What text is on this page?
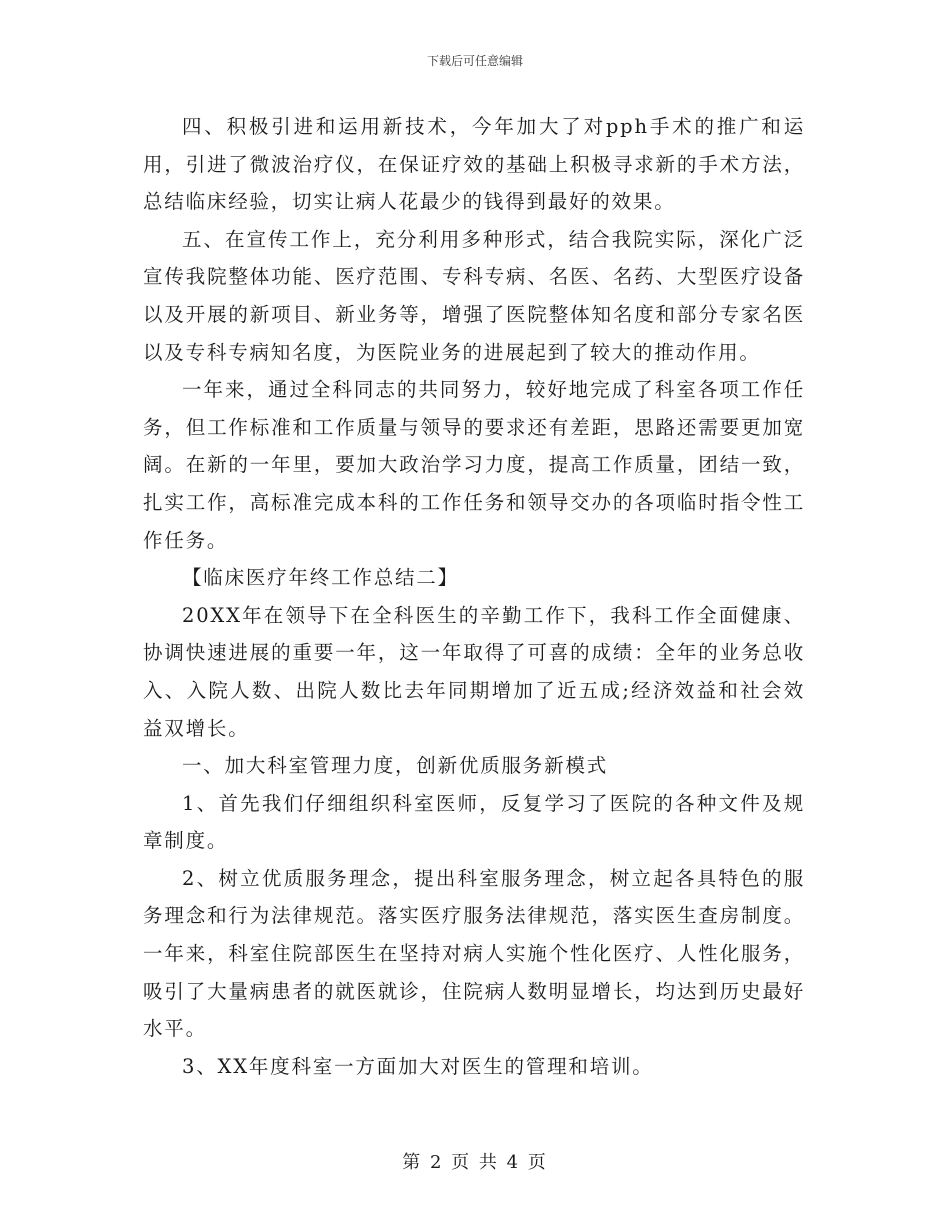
下载后可任意编辑

四、积极引进和运用新技术，今年加大了对pph手术的推广和运用，引进了微波治疗仪，在保证疗效的基础上积极寻求新的手术方法，总结临床经验，切实让病人花最少的钱得到最好的效果。

五、在宣传工作上，充分利用多种形式，结合我院实际，深化广泛宣传我院整体功能、医疗范围、专科专病、名医、名药、大型医疗设备以及开展的新项目、新业务等，增强了医院整体知名度和部分专家名医以及专科专病知名度，为医院业务的进展起到了较大的推动作用。

一年来，通过全科同志的共同努力，较好地完成了科室各项工作任务，但工作标准和工作质量与领导的要求还有差距，思路还需要更加宽阔。在新的一年里，要加大政治学习力度，提高工作质量，团结一致，扎实工作，高标准完成本科的工作任务和领导交办的各项临时指令性工作任务。

【临床医疗年终工作总结二】

20XX年在领导下在全科医生的辛勤工作下，我科工作全面健康、协调快速进展的重要一年，这一年取得了可喜的成绩：全年的业务总收入、入院人数、出院人数比去年同期增加了近五成;经济效益和社会效益双增长。

一、加大科室管理力度，创新优质服务新模式

1、首先我们仔细组织科室医师，反复学习了医院的各种文件及规章制度。

2、树立优质服务理念，提出科室服务理念，树立起各具特色的服务理念和行为法律规范。落实医疗服务法律规范，落实医生查房制度。一年来，科室住院部医生在坚持对病人实施个性化医疗、人性化服务，吸引了大量病患者的就医就诊，住院病人数明显增长，均达到历史最好水平。

3、XX年度科室一方面加大对医生的管理和培训。

第 2 页 共 4 页
